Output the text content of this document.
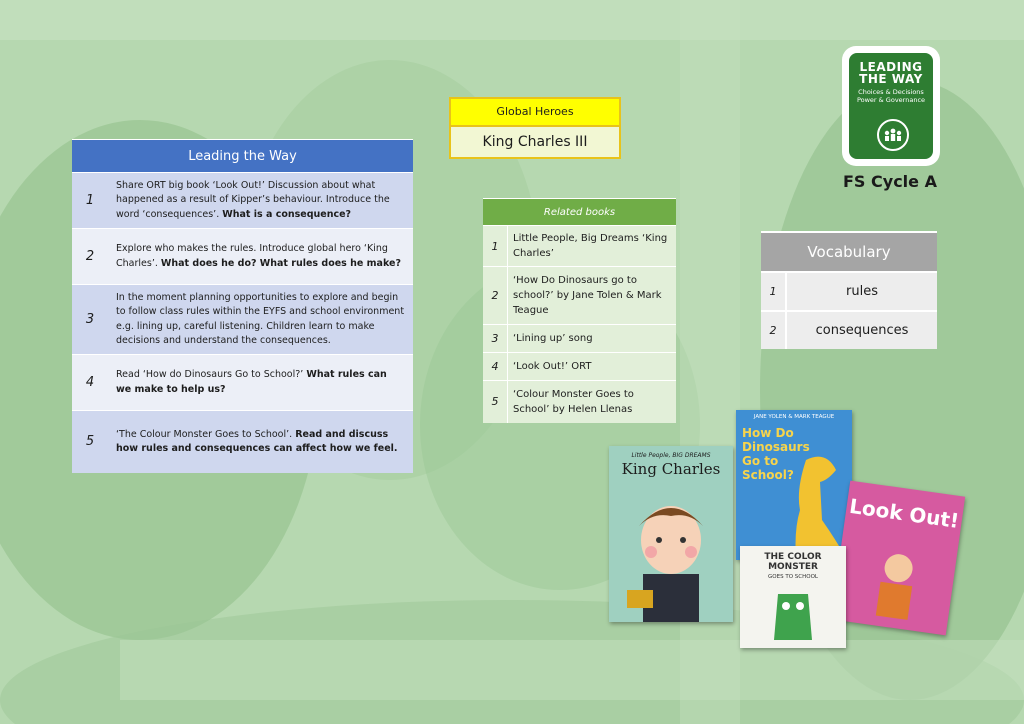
Leading the Way	
1	Share ORT big book ‘Look Out!’ Discussion about what happened as a result of Kipper’s behaviour. Introduce the word ‘consequences’. What is a consequence?
2	Explore who makes the rules. Introduce global hero ‘King Charles’. What does he do? What rules does he make?
3	In the moment planning opportunities to explore and begin to follow class rules within the EYFS and school environment e.g. lining up, careful listening. Children learn to make decisions and understand the consequences.
4	Read ‘How do Dinosaurs Go to School?’ What rules can we make to help us?
5	‘The Colour Monster Goes to School’. Read and discuss how rules and consequences can affect how we feel.
Global Heroes
King Charles III
Related books	
1	Little People, Big Dreams ‘King Charles’
2	‘How Do Dinosaurs go to school?’ by Jane Tolen & Mark Teague
3	‘Lining up’ song
4	‘Look Out!’ ORT
5	‘Colour Monster Goes to School’ by Helen Llenas
Vocabulary	
1	rules
2	consequences
LEADING THE WAY
Choices & Decisions
Power & Governance
FS Cycle A
Little People, BIG DREAMS
King Charles
JANE YOLEN & MARK TEAGUE
How Do Dinosaurs Go to School?
Look Out!
THE COLOR MONSTER
GOES TO SCHOOL
